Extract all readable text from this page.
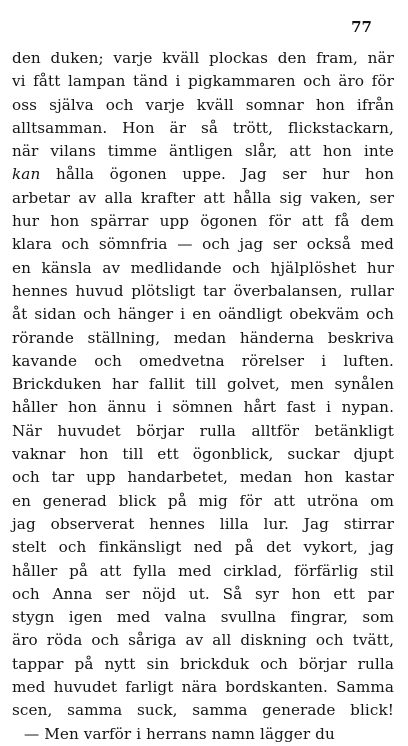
77
den duken; varje kväll plockas den fram, när
vi fått lampan tänd i pigkammaren och äro för
oss själva och varje kväll somnar hon ifrån
alltsamman. Hon är så trött, flickstackarn,
när vilans timme äntligen slår, att hon inte
kan hålla ögonen uppe. Jag ser hur hon
arbetar av alla krafter att hålla sig vaken, ser
hur hon spärrar upp ögonen för att få dem
klara och sömnfria — och jag ser också med
en känsla av medlidande och hjälplöshet hur
hennes huvud plötsligt tar överbalansen, rullar
åt sidan och hänger i en oändligt obekväm och
rörande ställning, medan händerna beskriva
kavande och omedvetna rörelser i luften.
Brickduken har fallit till golvet, men synålen
håller hon ännu i sömnen hårt fast i nypan.
När huvudet börjar rulla alltför betänkligt
vaknar hon till ett ögonblick, suckar djupt
och tar upp handarbetet, medan hon kastar
en generad blick på mig för att utröna om
jag observerat hennes lilla lur. Jag stirrar
stelt och finkänsligt ned på det vykort, jag
håller på att fylla med cirklad, förfärlig stil
och Anna ser nöjd ut. Så syr hon ett par
stygn igen med valna svullna fingrar, som
äro röda och såriga av all diskning och tvätt,
tappar på nytt sin brickduk och börjar rulla
med huvudet farligt nära bordskanten. Samma
scen, samma suck, samma generade blick!
— Men varför i herrans namn lägger du
